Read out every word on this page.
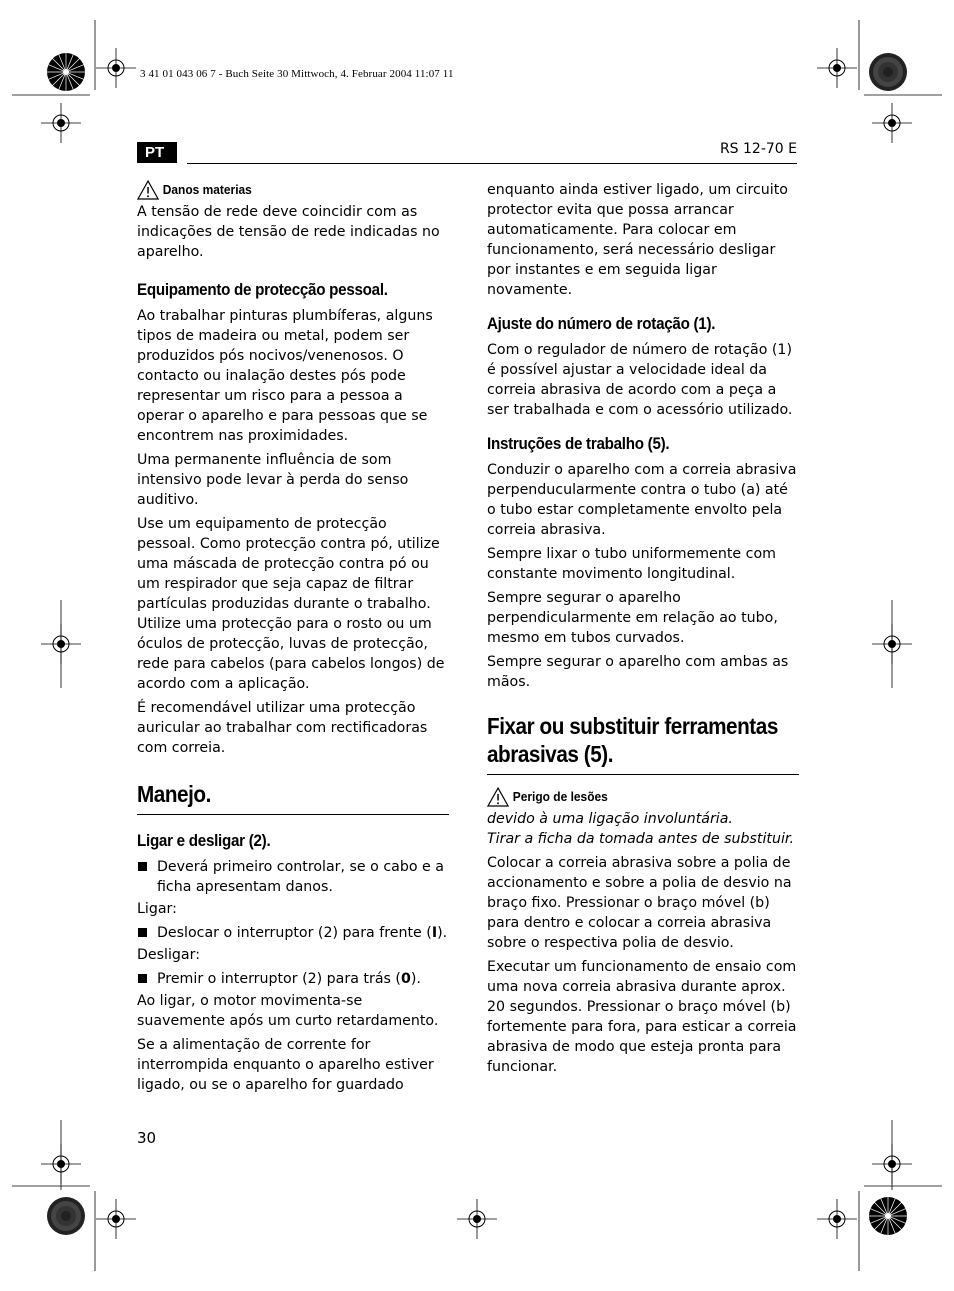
3 41 01 043 06 7 - Buch Seite 30 Mittwoch, 4. Februar 2004 11:07 11
PT	RS 12-70 E
Danos materias

A tensão de rede deve coincidir com as indicações de tensão de rede indicadas no aparelho.

Equipamento de protecção pessoal.

Ao trabalhar pinturas plumbíferas, alguns tipos de madeira ou metal, podem ser produzidos pós nocivos/venenosos. O contacto ou inalação destes pós pode representar um risco para a pessoa a operar o aparelho e para pessoas que se encontrem nas proximidades.

Uma permanente influência de som intensivo pode levar à perda do senso auditivo.

Use um equipamento de protecção pessoal. Como protecção contra pó, utilize uma máscada de protecção contra pó ou um respirador que seja capaz de filtrar partículas produzidas durante o trabalho. Utilize uma protecção para o rosto ou um óculos de protecção, luvas de protecção, rede para cabelos (para cabelos longos) de acordo com a aplicação.

É recomendável utilizar uma protecção auricular ao trabalhar com rectificadoras com correia.

Manejo.
Ligar e desligar (2).
Deverá primeiro controlar, se o cabo e a ficha apresentam danos.

Ligar:

Deslocar o interruptor (2) para frente (I).

Desligar:

Premir o interruptor (2) para trás (0).

Ao ligar, o motor movimenta-se suavemente após um curto retardamento.

Se a alimentação de corrente for interrompida enquanto o aparelho estiver ligado, ou se o aparelho for guardado

enquanto ainda estiver ligado, um circuito protector evita que possa arrancar automaticamente. Para colocar em funcionamento, será necessário desligar por instantes e em seguida ligar novamente.

Ajuste do número de rotação (1).

Com o regulador de número de rotação (1) é possível ajustar a velocidade ideal da correia abrasiva de acordo com a peça a ser trabalhada e com o acessório utilizado.

Instruções de trabalho (5).

Conduzir o aparelho com a correia abrasiva perpenducularmente contra o tubo (a) até o tubo estar completamente envolto pela correia abrasiva.

Sempre lixar o tubo uniformemente com constante movimento longitudinal.

Sempre segurar o aparelho perpendicularmente em relação ao tubo, mesmo em tubos curvados.

Sempre segurar o aparelho com ambas as mãos.

Fixar ou substituir ferramentas
abrasivas (5).
Perigo de lesões

devido à uma ligação involuntária.

Tirar a ficha da tomada antes de substituir.

Colocar a correia abrasiva sobre a polia de accionamento e sobre a polia de desvio na braço fixo. Pressionar o braço móvel (b) para dentro e colocar a correia abrasiva sobre o respectiva polia de desvio.

Executar um funcionamento de ensaio com uma nova correia abrasiva durante aprox. 20 segundos. Pressionar o braço móvel (b) fortemente para fora, para esticar a correia abrasiva de modo que esteja pronta para funcionar.

30
